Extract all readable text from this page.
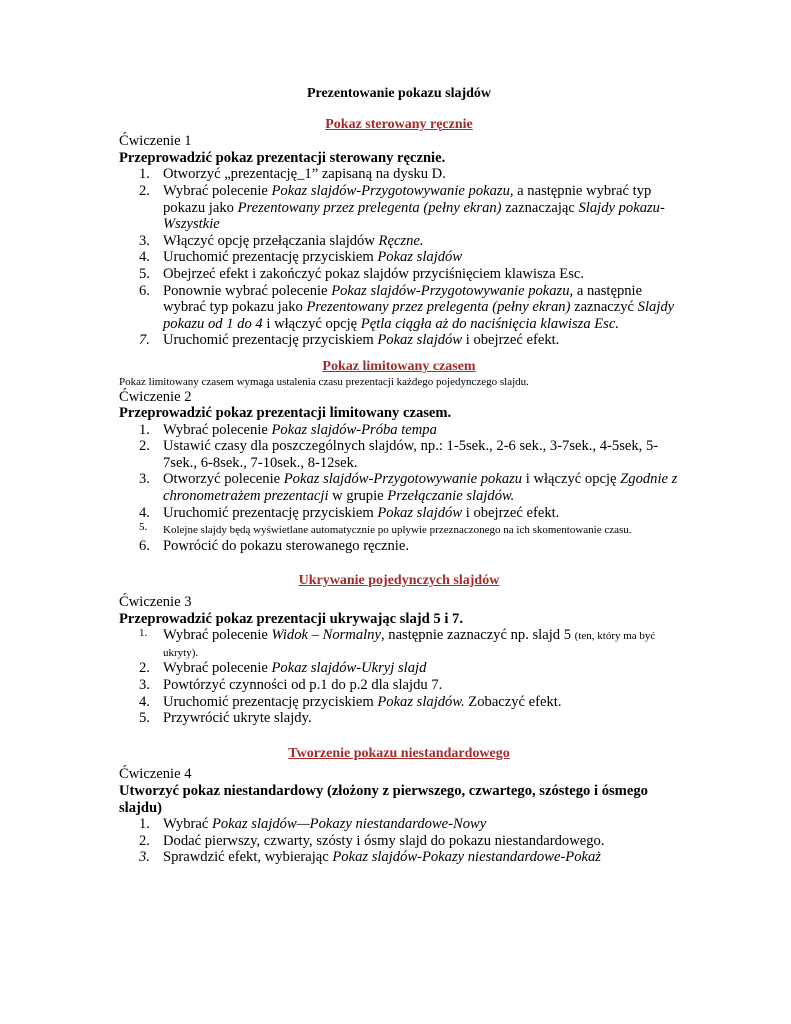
Prezentowanie pokazu slajdów

Pokaz sterowany ręcznie

Ćwiczenie 1

Przeprowadzić pokaz prezentacji sterowany ręcznie.

1. Otworzyć „prezentację_1” zapisaną na dysku D.
2. Wybrać polecenie Pokaz slajdów-Przygotowywanie pokazu, a następnie wybrać typ pokazu jako Prezentowany przez prelegenta (pełny ekran) zaznaczając Slajdy pokazu-Wszystkie
3. Włączyć opcję przełączania slajdów Ręczne.
4. Uruchomić prezentację przyciskiem Pokaz slajdów
5. Obejrzeć efekt i zakończyć pokaz slajdów przyciśnięciem klawisza Esc.
6. Ponownie wybrać polecenie Pokaz slajdów-Przygotowywanie pokazu, a następnie wybrać typ pokazu jako Prezentowany przez prelegenta (pełny ekran) zaznaczyć Slajdy pokazu od 1 do 4 i włączyć opcję Pętla ciągła aż do naciśnięcia klawisza Esc.
7. Uruchomić prezentację przyciskiem Pokaz slajdów i obejrzeć efekt.

Pokaz limitowany czasem

Pokaz limitowany czasem wymaga ustalenia czasu prezentacji każdego pojedynczego slajdu.

Ćwiczenie 2

Przeprowadzić pokaz prezentacji limitowany czasem.

1. Wybrać polecenie Pokaz slajdów-Próba tempa
2. Ustawić czasy dla poszczególnych slajdów, np.: 1-5sek., 2-6 sek., 3-7sek., 4-5sek, 5-7sek., 6-8sek., 7-10sek., 8-12sek.
3. Otworzyć polecenie Pokaz slajdów-Przygotowywanie pokazu i włączyć opcję Zgodnie z chronometrażem prezentacji w grupie Przełączanie slajdów.
4. Uruchomić prezentację przyciskiem Pokaz slajdów i obejrzeć efekt.
5.	Kolejne slajdy będą wyświetlane automatycznie po upływie przeznaczonego na ich skomentowanie czasu.
6. Powrócić do pokazu sterowanego ręcznie.

Ukrywanie pojedynczych slajdów

Ćwiczenie 3

Przeprowadzić pokaz prezentacji ukrywając slajd 5 i 7.

1.	Wybrać polecenie Widok – Normalny, następnie zaznaczyć np. slajd 5 (ten, który ma być ukryty).
2. Wybrać polecenie Pokaz slajdów-Ukryj slajd
3. Powtórzyć czynności od p.1 do p.2 dla slajdu 7.
4. Uruchomić prezentację przyciskiem Pokaz slajdów. Zobaczyć efekt.
5. Przywrócić ukryte slajdy.

Tworzenie pokazu niestandardowego

Ćwiczenie 4

Utworzyć pokaz niestandardowy (złożony z pierwszego, czwartego, szóstego i ósmego slajdu)

1. Wybrać Pokaz slajdów—Pokazy niestandardowe-Nowy
2. Dodać pierwszy, czwarty, szósty i ósmy slajd do pokazu niestandardowego.
3. Sprawdzić efekt, wybierając Pokaz slajdów-Pokazy niestandardowe-Pokaż
